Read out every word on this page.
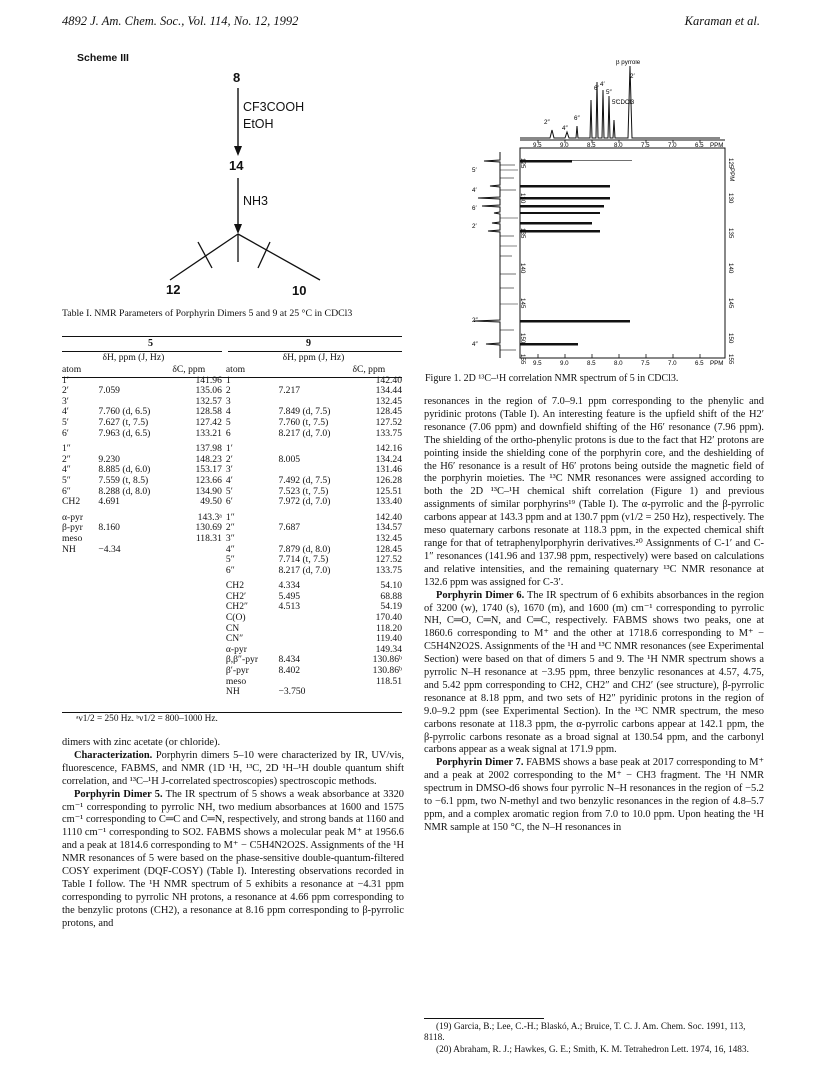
4892 J. Am. Chem. Soc., Vol. 114, No. 12, 1992	Karaman et al.
Scheme III
8
CF3COOH
EtOH
14
NH3
12	10
Table I. NMR Parameters of Porphyrin Dimers 5 and 9 at 25 °C in CDCl3
5	9
atom	δH, ppm (J, Hz)	δC, ppm	atom	δH, ppm (J, Hz)	δC, ppm
1′		141.96	1		142.40
2′	7.059	135.06	2	7.217	134.44
3′		132.57	3		132.45
4′	7.760 (d, 6.5)	128.58	4	7.849 (d, 7.5)	128.45
5′	7.627 (t, 7.5)	127.42	5	7.760 (t, 7.5)	127.52
6′	7.963 (d, 6.5)	133.21	6	8.217 (d, 7.0)	133.75

1″		137.98	1′		142.16
2″	9.230	148.23	2′	8.005	134.24
4″	8.885 (d, 6.0)	153.17	3′		131.46
5″	7.559 (t, 8.5)	123.66	4′	7.492 (d, 7.5)	126.28
6″	8.288 (d, 8.0)	134.90	5′	7.523 (t, 7.5)	125.51
CH2	4.691	49.50	6′	7.972 (d, 7.0)	133.40

α-pyr		143.3ᵃ	1″		142.40
β-pyr	8.160	130.69	2″	7.687	134.57
meso		118.31	3″		132.45
NH	−4.34		4″	7.879 (d, 8.0)	128.45
			5″	7.714 (t, 7.5)	127.52
			6″	8.217 (d, 7.0)	133.75

			CH2	4.334	54.10
			CH2′	5.495	68.88
			CH2″	4.513	54.19
			C(O)		170.40
			CN		118.20
			CN″		119.40
			α-pyr		149.34
			β,β″-pyr	8.434	130.86ᵇ
			β′-pyr	8.402	130.86ᵇ
			meso		118.51
			NH	−3.750	
ᵃν1/2 = 250 Hz. ᵇν1/2 = 800–1000 Hz.

dimers with zinc acetate (or chloride).

Characterization. Porphyrin dimers 5–10 were characterized by IR, UV/vis, fluorescence, FABMS, and NMR (1D ¹H, ¹³C, 2D ¹H–¹H double quantum shift correlation, and ¹³C–¹H J-correlated spectroscopies) spectroscopic methods.

Porphyrin Dimer 5. The IR spectrum of 5 shows a weak absorbance at 3320 cm⁻¹ corresponding to pyrrolic NH, two medium absorbances at 1600 and 1575 cm⁻¹ corresponding to C═C and C═N, respectively, and strong bands at 1160 and 1110 cm⁻¹ corresponding to SO2. FABMS shows a molecular peak M⁺ at 1956.6 and a peak at 1814.6 corresponding to M⁺ − C5H4N2O2S. Assignments of the ¹H NMR resonances of 5 were based on the phase-sensitive double-quantum-filtered COSY experiment (DQF-COSY) (Table I). Interesting observations recorded in Table I follow. The ¹H NMR spectrum of 5 exhibits a resonance at −4.31 ppm corresponding to pyrrolic NH protons, a resonance at 4.66 ppm corresponding to the benzylic protons (CH2), a resonance at 8.16 ppm corresponding to β-pyrrolic protons, and

9.5
9.5
9.0
9.0
8.5
8.5
8.0
8.0
7.5
7.5
7.0
7.0
6.5
6.5
125
125
130
130
135
135
140
140
145
145
150
150
155
155
PPM
2″
4″
6″
6′
4′
5″
5′
2′
5′
4′
6′
2′
2″
4″
β pyrrole
CDCl3
PPM
PPM
Figure 1. 2D ¹³C–¹H correlation NMR spectrum of 5 in CDCl3.

resonances in the region of 7.0–9.1 ppm corresponding to the phenylic and pyridinic protons (Table I). An interesting feature is the upfield shift of the H2′ resonance (7.06 ppm) and downfield shifting of the H6′ resonance (7.96 ppm). The shielding of the ortho-phenylic protons is due to the fact that H2′ protons are pointing inside the shielding cone of the porphyrin core, and the deshielding of the H6′ resonance is a result of H6′ protons being outside the magnetic field of the porphyrin moieties. The ¹³C NMR resonances were assigned according to both the 2D ¹³C–¹H chemical shift correlation (Figure 1) and previous assignments of similar porphyrins¹⁹ (Table I). The α-pyrrolic and the β-pyrrolic carbons appear at 143.3 ppm and at 130.7 ppm (ν1/2 = 250 Hz), respectively. The meso quaternary carbons resonate at 118.3 ppm, in the expected chemical shift range for that of tetraphenylporphyrin derivatives.²⁰ Assignments of C-1′ and C-1″ resonances (141.96 and 137.98 ppm, respectively) were based on calculations and relative intensities, and the remaining quaternary ¹³C NMR resonance at 132.6 ppm was assigned for C-3′.

Porphyrin Dimer 6. The IR spectrum of 6 exhibits absorbances in the region of 3200 (w), 1740 (s), 1670 (m), and 1600 (m) cm⁻¹ corresponding to pyrrolic NH, C═O, C═N, and C═C, respectively. FABMS shows two peaks, one at 1860.6 corresponding to M⁺ and the other at 1718.6 corresponding to M⁺ − C5H4N2O2S. Assignments of the ¹H and ¹³C NMR resonances (see Experimental Section) were based on that of dimers 5 and 9. The ¹H NMR spectrum shows a pyrrolic N–H resonance at −3.95 ppm, three benzylic resonances at 4.57, 4.75, and 5.42 ppm corresponding to CH2, CH2″ and CH2′ (see structure), β-pyrrolic resonance at 8.18 ppm, and two sets of H2″ pyridinic protons in the region of 9.0–9.2 ppm (see Experimental Section). In the ¹³C NMR spectrum, the meso carbons resonate at 118.3 ppm, the α-pyrrolic carbons appear at 142.1 ppm, the β-pyrrolic carbons resonate as a broad signal at 130.54 ppm, and the carbonyl carbons appear as a weak signal at 171.9 ppm.

Porphyrin Dimer 7. FABMS shows a base peak at 2017 corresponding to M⁺ and a peak at 2002 corresponding to the M⁺ − CH3 fragment. The ¹H NMR spectrum in DMSO-d6 shows four pyrrolic N–H resonances in the region of −5.2 to −6.1 ppm, two N-methyl and two benzylic resonances in the region of 4.8–5.7 ppm, and a complex aromatic region from 7.0 to 10.0 ppm. Upon heating the ¹H NMR sample at 150 °C, the N–H resonances in

(19) Garcia, B.; Lee, C.-H.; Blaskó, A.; Bruice, T. C. J. Am. Chem. Soc. 1991, 113, 8118.
(20) Abraham, R. J.; Hawkes, G. E.; Smith, K. M. Tetrahedron Lett. 1974, 16, 1483.
